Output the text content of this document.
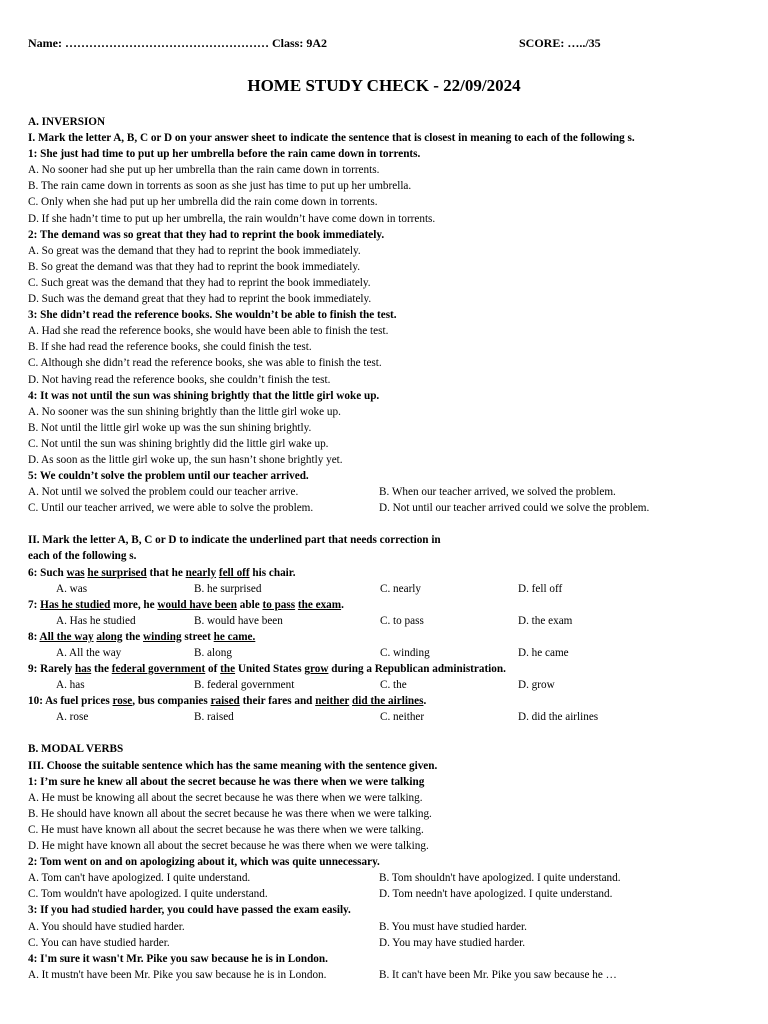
Name: …………………………………………… Class: 9A2	SCORE: …../35
HOME STUDY CHECK - 22/09/2024
A. INVERSION
I. Mark the letter A, B, C or D on your answer sheet to indicate the sentence that is closest in meaning to each of the following s.
1: She just had time to put up her umbrella before the rain came down in torrents.
A. No sooner had she put up her umbrella than the rain came down in torrents.
B. The rain came down in torrents as soon as she just has time to put up her umbrella.
C. Only when she had put up her umbrella did the rain come down in torrents.
D. If she hadn’t time to put up her umbrella, the rain wouldn’t have come down in torrents.
2: The demand was so great that they had to reprint the book immediately.
A. So great was the demand that they had to reprint the book immediately.
B. So great the demand was that they had to reprint the book immediately.
C. Such great was the demand that they had to reprint the book immediately.
D. Such was the demand great that they had to reprint the book immediately.
3: She didn’t read the reference books. She wouldn’t be able to finish the test.
A. Had she read the reference books, she would have been able to finish the test.
B. If she had read the reference books, she could finish the test.
C. Although she didn’t read the reference books, she was able to finish the test.
D. Not having read the reference books, she couldn’t finish the test.
4: It was not until the sun was shining brightly that the little girl woke up.
A. No sooner was the sun shining brightly than the little girl woke up.
B. Not until the little girl woke up was the sun shining brightly.
C. Not until the sun was shining brightly did the little girl wake up.
D. As soon as the little girl woke up, the sun hasn’t shone brightly yet.
5: We couldn’t solve the problem until our teacher arrived.
A. Not until we solved the problem could our teacher arrive.	B. When our teacher arrived, we solved the problem.
C. Until our teacher arrived, we were able to solve the problem.	D. Not until our teacher arrived could we solve the problem.
II. Mark the letter A, B, C or D to indicate the underlined part that needs correction in
each of the following s.
6: Such was he surprised that he nearly fell off his chair.
A. was	B. he surprised	C. nearly	D. fell off
7: Has he studied more, he would have been able to pass the exam.
A. Has he studied	B. would have been	C. to pass	D. the exam
8: All the way along the winding street he came.
A. All the way	B. along	C. winding	D. he came
9: Rarely has the federal government of the United States grow during a Republican administration.
A. has	B. federal government	C. the	D. grow
10: As fuel prices rose, bus companies raised their fares and neither did the airlines.
A. rose	B. raised	C. neither	D. did the airlines
B. MODAL VERBS
III. Choose the suitable sentence which has the same meaning with the sentence given.
1: I’m sure he knew all about the secret because he was there when we were talking
A. He must be knowing all about the secret because he was there when we were talking.
B. He should have known all about the secret because he was there when we were talking.
C. He must have known all about the secret because he was there when we were talking.
D. He might have known all about the secret because he was there when we were talking.
2: Tom went on and on apologizing about it, which was quite unnecessary.
A. Tom can't have apologized. I quite understand.	B. Tom shouldn't have apologized. I quite understand.
C. Tom wouldn't have apologized. I quite understand.	D. Tom needn't have apologized. I quite understand.
3: If you had studied harder, you could have passed the exam easily.
A. You should have studied harder.	B. You must have studied harder.
C. You can have studied harder.	D. You may have studied harder.
4: I'm sure it wasn't Mr. Pike you saw because he is in London.
A. It mustn't have been Mr. Pike you saw because he is in London.	B. It can't have been Mr. Pike you saw because he …
